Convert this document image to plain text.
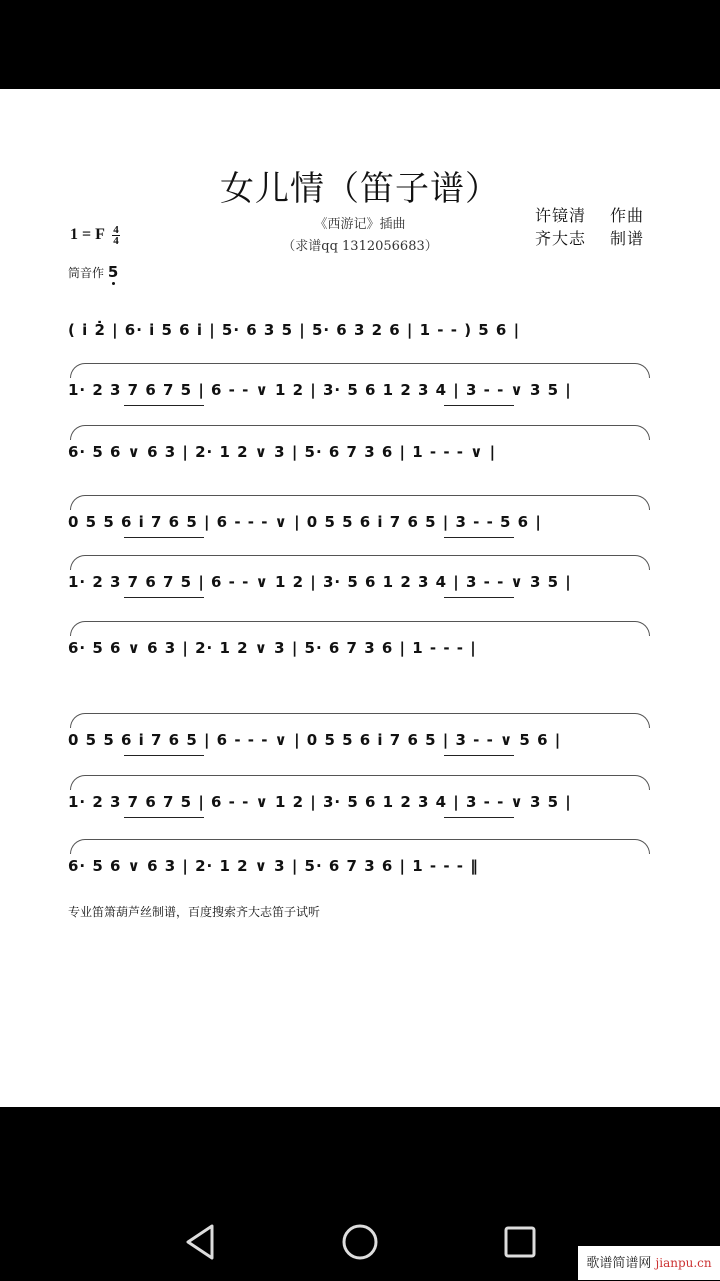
女儿情（笛子谱）
《西游记》插曲
（求谱qq 1312056683）
许镜清 作曲
齐大志 制谱
1 = F $\frac{4}{4}$
筒音作 5
( i 2̇ | 6· i 5 6 i | 5· 6 3 5 | 5· 6 3 2 6 | 1 - - ) 5 6 |
1· 2 3 7 6 7 5 | 6 - - ∨ 1 2 | 3· 5 6 1 2 3 4 | 3 - - ∨ 3 5 |
6· 5 6 ∨ 6 3 | 2· 1 2 ∨ 3 | 5· 6 7 3 6 | 1 - - - ∨ |
0 5 5 6 i 7 6 5 | 6 - - - ∨ | 0 5 5 6 i 7 6 5 | 3 - - 5 6 |
1· 2 3 7 6 7 5 | 6 - - ∨ 1 2 | 3· 5 6 1 2 3 4 | 3 - - ∨ 3 5 |
6· 5 6 ∨ 6 3 | 2· 1 2 ∨ 3 | 5· 6 7 3 6 | 1 - - - |
0 5 5 6 i 7 6 5 | 6 - - - ∨ | 0 5 5 6 i 7 6 5 | 3 - - ∨ 5 6 |
1· 2 3 7 6 7 5 | 6 - - ∨ 1 2 | 3· 5 6 1 2 3 4 | 3 - - ∨ 3 5 |
6· 5 6 ∨ 6 3 | 2· 1 2 ∨ 3 | 5· 6 7 3 6 | 1 - - - ‖
专业笛箫葫芦丝制谱，百度搜索齐大志笛子试听
歌谱简谱网 jianpu.cn
